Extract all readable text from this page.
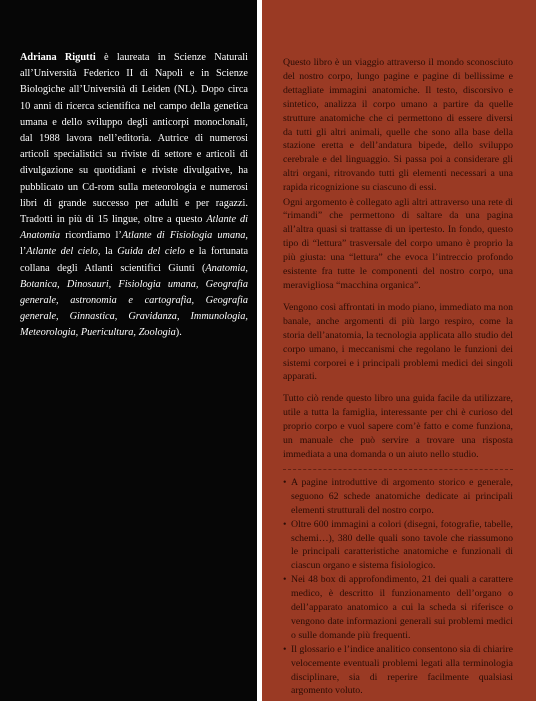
Adriana Rigutti è laureata in Scienze Naturali all’Università Federico II di Napoli e in Scienze Biologiche all’Università di Leiden (NL). Dopo circa 10 anni di ricerca scientifica nel campo della genetica umana e dello sviluppo degli anticorpi monoclonali, dal 1988 lavora nell’editoria. Autrice di numerosi articoli specialistici su riviste di settore e articoli di divulgazione su quotidiani e riviste divulgative, ha pubblicato un Cd-rom sulla meteorologia e numerosi libri di grande successo per adulti e per ragazzi. Tradotti in più di 15 lingue, oltre a questo Atlante di Anatomia ricordiamo l’Atlante di Fisiologia umana, l’Atlante del cielo, la Guida del cielo e la fortunata collana degli Atlanti scientifici Giunti (Anatomia, Botanica, Dinosauri, Fisiologia umana, Geografia generale, astronomia e cartografia, Geografia generale, Ginnastica, Gravidanza, Immunologia, Meteorologia, Puericultura, Zoologia).

Questo libro è un viaggio attraverso il mondo sconosciuto del nostro corpo, lungo pagine e pagine di bellissime e dettagliate immagini anatomiche. Il testo, discorsivo e sintetico, analizza il corpo umano a partire da quelle strutture anatomiche che ci permettono di essere diversi da tutti gli altri animali, quelle che sono alla base della stazione eretta e dell’andatura bipede, dello sviluppo cerebrale e del linguaggio. Si passa poi a considerare gli altri organi, ritrovando tutti gli elementi necessari a una rapida ricognizione su ciascuno di essi.

Ogni argomento è collegato agli altri attraverso una rete di “rimandi” che permettono di saltare da una pagina all’altra quasi si trattasse di un ipertesto. In fondo, questo tipo di “lettura” trasversale del corpo umano è proprio la più giusta: una “lettura” che evoca l’intreccio profondo esistente fra tutte le componenti del nostro corpo, una meravigliosa “macchina organica”.

Vengono così affrontati in modo piano, immediato ma non banale, anche argomenti di più largo respiro, come la storia dell’anatomia, la tecnologia applicata allo studio del corpo umano, i meccanismi che regolano le funzioni dei sistemi corporei e i principali problemi medici dei singoli apparati.

Tutto ciò rende questo libro una guida facile da utilizzare, utile a tutta la famiglia, interessante per chi è curioso del proprio corpo e vuol sapere com’è fatto e come funziona, un manuale che può servire a trovare una risposta immediata a una domanda o un aiuto nello studio.

• A pagine introduttive di argomento storico e generale, seguono 62 schede anatomiche dedicate ai principali elementi strutturali del nostro corpo.
• Oltre 600 immagini a colori (disegni, fotografie, tabelle, schemi…), 380 delle quali sono tavole che riassumono le principali caratteristiche anatomiche e funzionali di ciascun organo e sistema fisiologico.
• Nei 48 box di approfondimento, 21 dei quali a carattere medico, è descritto il funzionamento dell’organo o dell’apparato anatomico a cui la scheda si riferisce o vengono date informazioni generali sui problemi medici o sulle domande più frequenti.
• Il glossario e l’indice analitico consentono sia di chiarire velocemente eventuali problemi legati alla terminologia disciplinare, sia di reperire facilmente qualsiasi argomento voluto.
